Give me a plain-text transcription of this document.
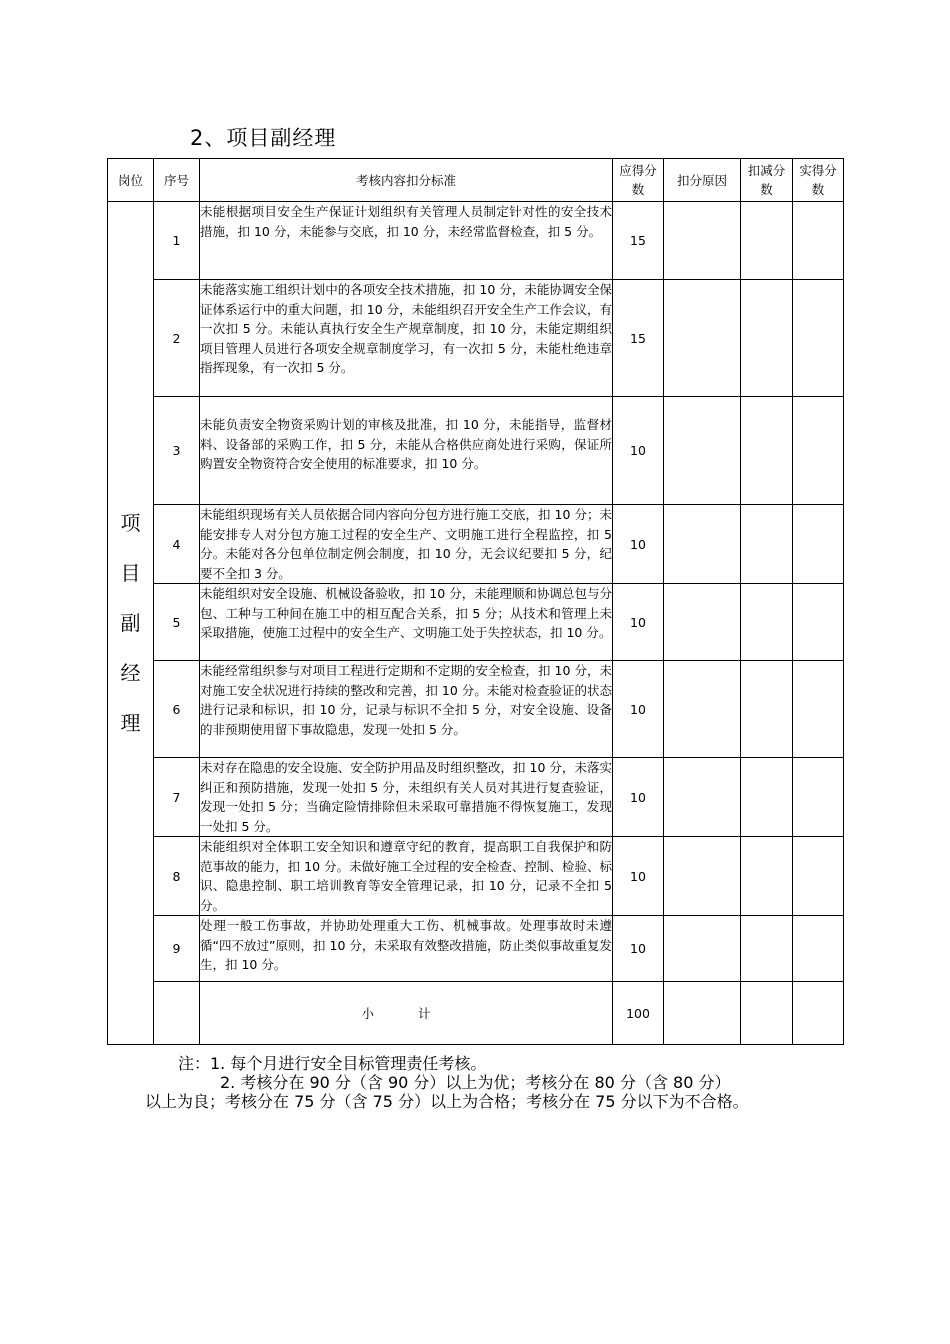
2、项目副经理
岗位	序号	考核内容扣分标准	应得分数	扣分原因	扣减分数	实得分数

项
目
副
经
理	1	未能根据项目安全生产保证计划组织有关管理人员制定针对性的安全技术措施，扣 10 分，未能参与交底，扣 10 分，未经常监督检查，扣 5 分。	15			
	2	未能落实施工组织计划中的各项安全技术措施，扣 10 分，未能协调安全保证体系运行中的重大问题，扣 10 分，未能组织召开安全生产工作会议，有一次扣 5 分。未能认真执行安全生产规章制度，扣 10 分，未能定期组织项目管理人员进行各项安全规章制度学习，有一次扣 5 分，未能杜绝违章指挥现象，有一次扣 5 分。	15			
	3	未能负责安全物资采购计划的审核及批准，扣 10 分，未能指导，监督材料、设备部的采购工作，扣 5 分，未能从合格供应商处进行采购，保证所购置安全物资符合安全使用的标准要求，扣 10 分。	10			
	4	未能组织现场有关人员依据合同内容向分包方进行施工交底，扣 10 分；未能安排专人对分包方施工过程的安全生产、文明施工进行全程监控，扣 5 分。未能对各分包单位制定例会制度，扣 10 分，无会议纪要扣 5 分，纪要不全扣 3 分。	10			
	5	未能组织对安全设施、机械设备验收，扣 10 分，未能理顺和协调总包与分包、工种与工种间在施工中的相互配合关系，扣 5 分；从技术和管理上未采取措施，使施工过程中的安全生产、文明施工处于失控状态，扣 10 分。	10			
	6	未能经常组织参与对项目工程进行定期和不定期的安全检查，扣 10 分，未对施工安全状况进行持续的整改和完善，扣 10 分。未能对检查验证的状态进行记录和标识，扣 10 分，记录与标识不全扣 5 分，对安全设施、设备的非预期使用留下事故隐患，发现一处扣 5 分。	10			
	7	未对存在隐患的安全设施、安全防护用品及时组织整改，扣 10 分，未落实纠正和预防措施，发现一处扣 5 分，未组织有关人员对其进行复查验证，发现一处扣 5 分；当确定险情排除但未采取可靠措施不得恢复施工，发现一处扣 5 分。	10			
	8	未能组织对全体职工安全知识和遵章守纪的教育，提高职工自我保护和防范事故的能力，扣 10 分。未做好施工全过程的安全检查、控制、检验、标识、隐患控制、职工培训教育等安全管理记录，扣 10 分，记录不全扣 5 分。	10			
	9	处理一般工伤事故，并协助处理重大工伤、机械事故。处理事故时未遵循“四不放过”原则，扣 10 分，未采取有效整改措施，防止类似事故重复发生，扣 10 分。	10			
		小 计	100			
注：1. 每个月进行安全目标管理责任考核。
2. 考核分在 90 分（含 90 分）以上为优；考核分在 80 分（含 80 分）
以上为良；考核分在 75 分（含 75 分）以上为合格；考核分在 75 分以下为不合格。
